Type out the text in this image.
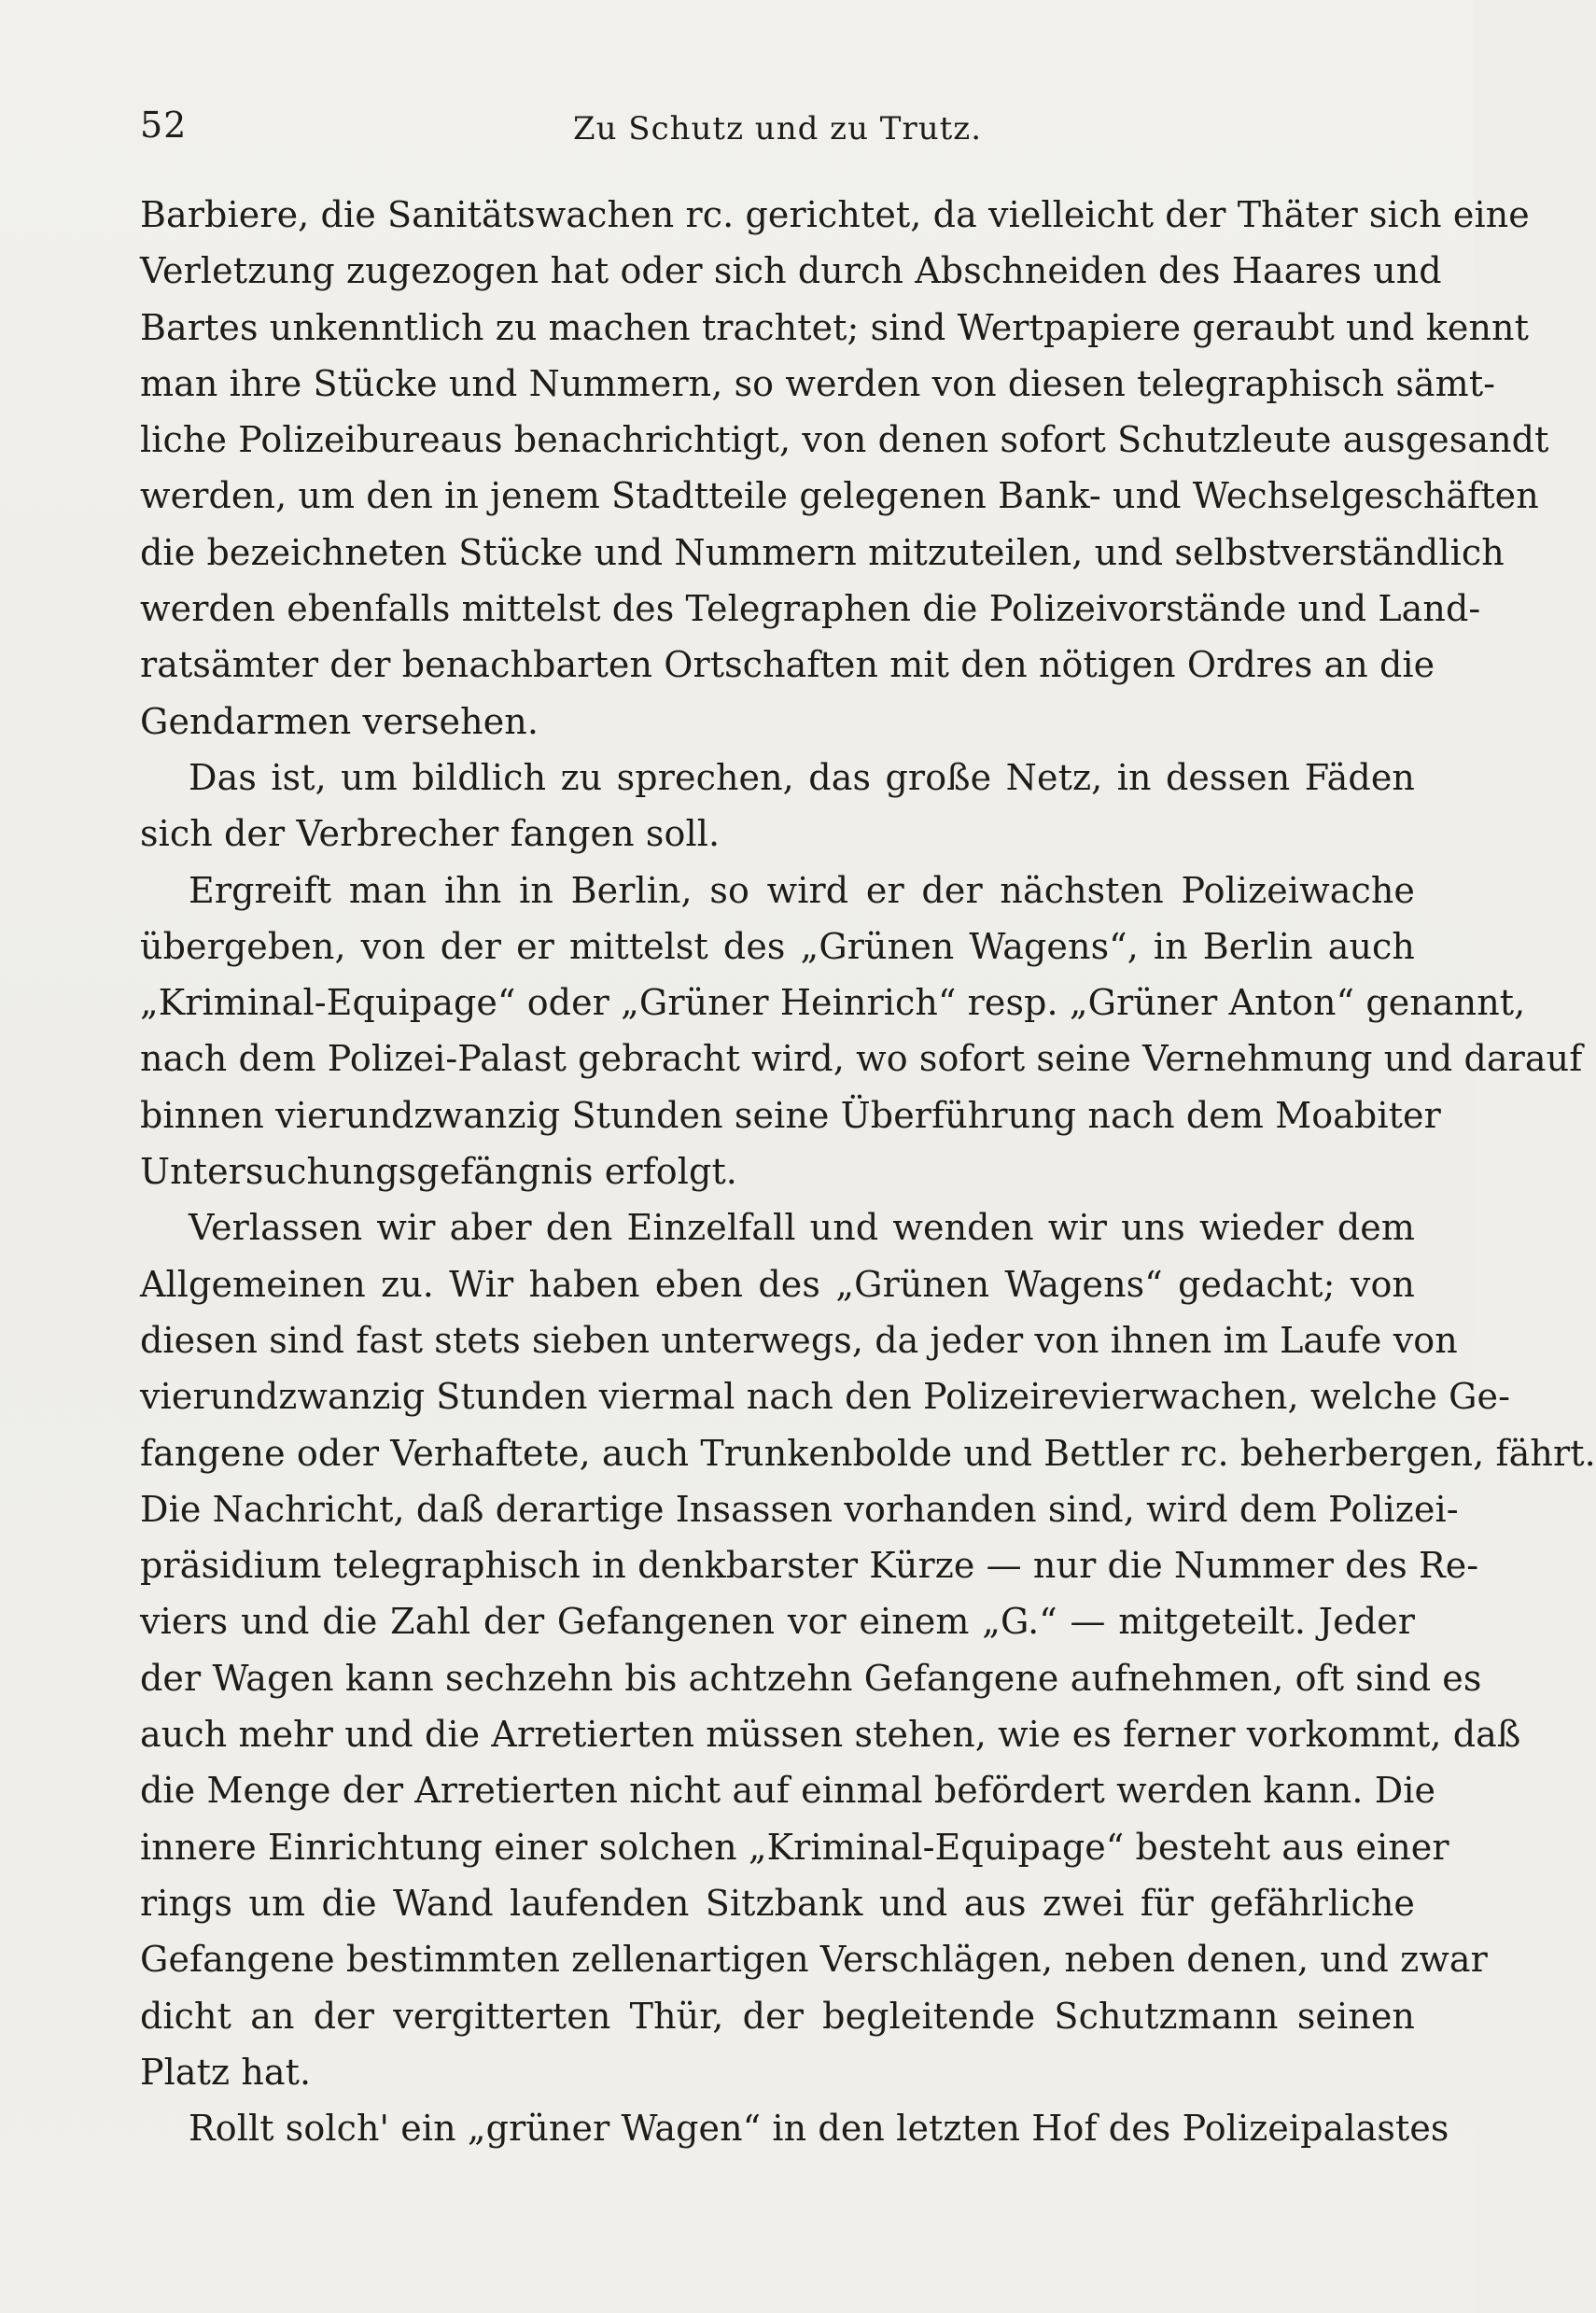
52	Zu Schutz und zu Trutz.
Barbiere, die Sanitätswachen rc. gerichtet, da vielleicht der Thäter sich eine
Verletzung zugezogen hat oder sich durch Abschneiden des Haares und
Bartes unkenntlich zu machen trachtet; sind Wertpapiere geraubt und kennt
man ihre Stücke und Nummern, so werden von diesen telegraphisch sämt-
liche Polizeibureaus benachrichtigt, von denen sofort Schutzleute ausgesandt
werden, um den in jenem Stadtteile gelegenen Bank- und Wechselgeschäften
die bezeichneten Stücke und Nummern mitzuteilen, und selbstverständlich
werden ebenfalls mittelst des Telegraphen die Polizeivorstände und Land-
ratsämter der benachbarten Ortschaften mit den nötigen Ordres an die
Gendarmen versehen.
Das ist, um bildlich zu sprechen, das große Netz, in dessen Fäden
sich der Verbrecher fangen soll.
Ergreift man ihn in Berlin, so wird er der nächsten Polizeiwache
übergeben, von der er mittelst des „Grünen Wagens“, in Berlin auch
„Kriminal-Equipage“ oder „Grüner Heinrich“ resp. „Grüner Anton“ genannt,
nach dem Polizei-Palast gebracht wird, wo sofort seine Vernehmung und darauf
binnen vierundzwanzig Stunden seine Überführung nach dem Moabiter
Untersuchungsgefängnis erfolgt.
Verlassen wir aber den Einzelfall und wenden wir uns wieder dem
Allgemeinen zu. Wir haben eben des „Grünen Wagens“ gedacht; von
diesen sind fast stets sieben unterwegs, da jeder von ihnen im Laufe von
vierundzwanzig Stunden viermal nach den Polizeirevierwachen, welche Ge-
fangene oder Verhaftete, auch Trunkenbolde und Bettler rc. beherbergen, fährt.
Die Nachricht, daß derartige Insassen vorhanden sind, wird dem Polizei-
präsidium telegraphisch in denkbarster Kürze — nur die Nummer des Re-
viers und die Zahl der Gefangenen vor einem „G.“ — mitgeteilt. Jeder
der Wagen kann sechzehn bis achtzehn Gefangene aufnehmen, oft sind es
auch mehr und die Arretierten müssen stehen, wie es ferner vorkommt, daß
die Menge der Arretierten nicht auf einmal befördert werden kann. Die
innere Einrichtung einer solchen „Kriminal-Equipage“ besteht aus einer
rings um die Wand laufenden Sitzbank und aus zwei für gefährliche
Gefangene bestimmten zellenartigen Verschlägen, neben denen, und zwar
dicht an der vergitterten Thür, der begleitende Schutzmann seinen
Platz hat.
Rollt solch' ein „grüner Wagen“ in den letzten Hof des Polizeipalastes
